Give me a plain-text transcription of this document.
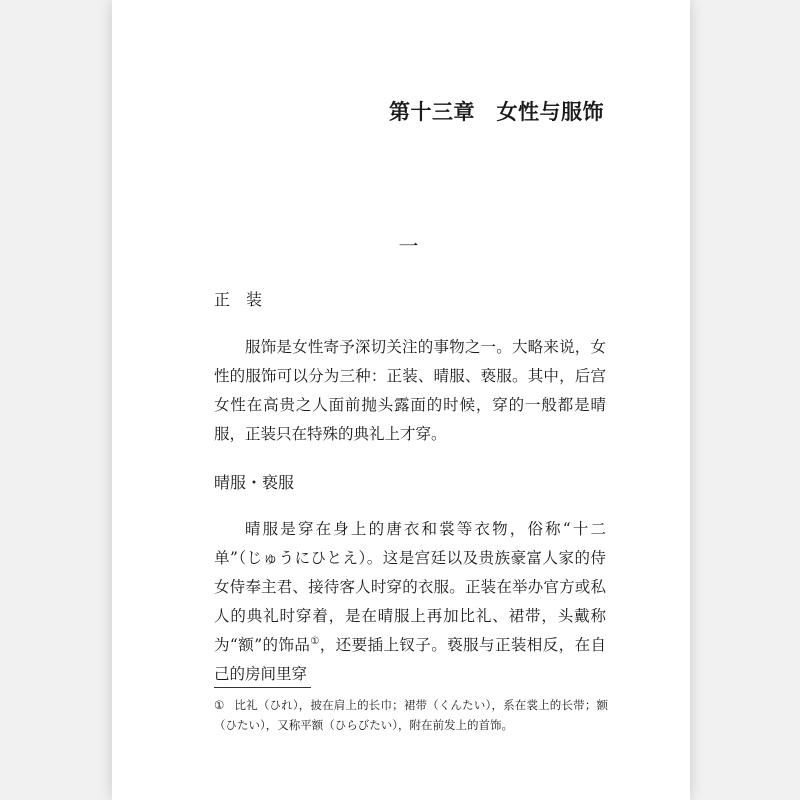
第十三章　女性与服饰
一
正　装
服饰是女性寄予深切关注的事物之一。大略来说，女性的服饰可以分为三种：正装、晴服、亵服。其中，后宫女性在高贵之人面前抛头露面的时候，穿的一般都是晴服，正装只在特殊的典礼上才穿。
晴服・亵服
晴服是穿在身上的唐衣和裳等衣物，俗称“十二单”（じゅうにひとえ）。这是宫廷以及贵族豪富人家的侍女侍奉主君、接待客人时穿的衣服。正装在举办官方或私人的典礼时穿着，是在晴服上再加比礼、裙带，头戴称为“额”的饰品①，还要插上钗子。亵服与正装相反，在自己的房间里穿
① 比礼（ひれ），披在肩上的长巾；裙带（くんたい），系在裳上的长带；额（ひたい），又称平额（ひらびたい），附在前发上的首饰。
